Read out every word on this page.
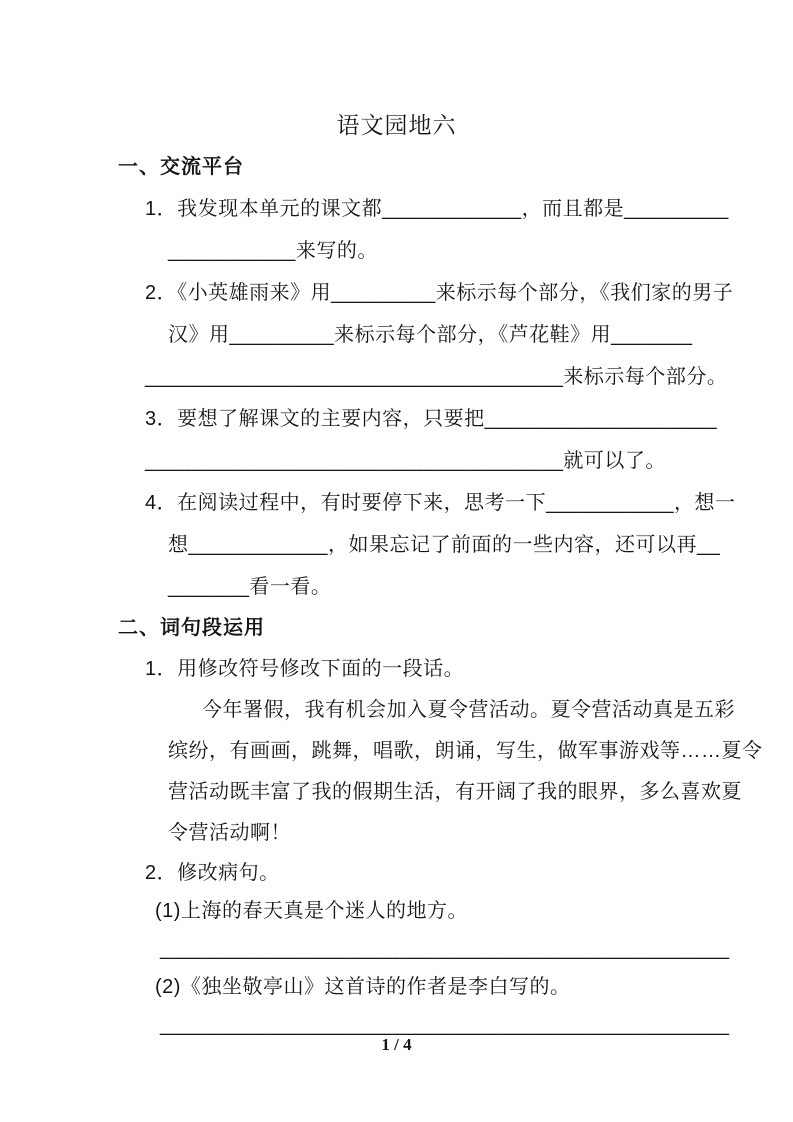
语文园地六
一、交流平台
1．我发现本单元的课文都____________，而且都是_________
___________来写的。
2．《小英雄雨来》用_________来标示每个部分，《我们家的男子
汉》用_________来标示每个部分，《芦花鞋》用_______
____________________________________来标示每个部分。
3．要想了解课文的主要内容，只要把____________________
____________________________________就可以了。
4．在阅读过程中，有时要停下来，思考一下___________，想一
想____________，如果忘记了前面的一些内容，还可以再__
_______看一看。
二、词句段运用
1．用修改符号修改下面的一段话。
今年署假，我有机会加入夏令营活动。夏令营活动真是五彩
缤纷，有画画，跳舞，唱歌，朗诵，写生，做军事游戏等……夏令
营活动既丰富了我的假期生活，有开阔了我的眼界，多么喜欢夏
令营活动啊！
2．修改病句。
(1)上海的春天真是个迷人的地方。
_________________________________________________
(2)《独坐敬亭山》这首诗的作者是李白写的。
_________________________________________________
1 / 4
